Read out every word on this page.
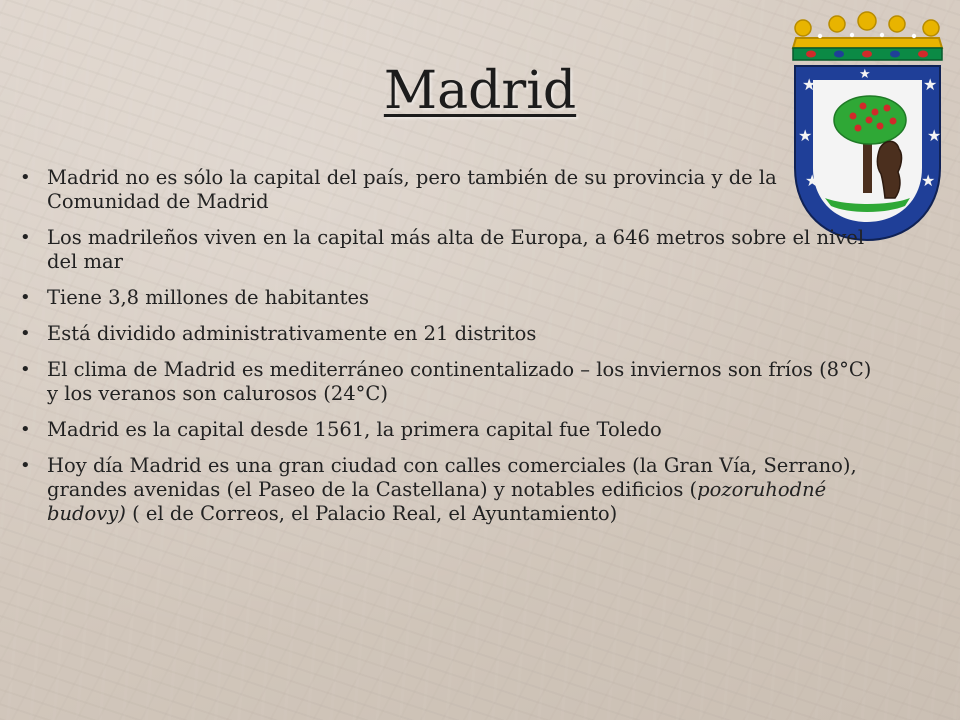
Madrid	★	★
★	★
★	★
★
• Madrid no es sólo la capital del país, pero también de su provincia y de la Comunidad de Madrid
• Los madrileños viven en la capital más alta de Europa, a 646 metros sobre el nivel del mar
• Tiene 3,8 millones de habitantes
• Está dividido administrativamente en 21 distritos
• El clima de Madrid es mediterráneo continentalizado – los inviernos son fríos (8°C) y los veranos son calurosos (24°C)
• Madrid es la capital desde 1561, la primera capital fue Toledo
• Hoy día Madrid es una gran ciudad con calles comerciales (la Gran Vía, Serrano), grandes avenidas (el Paseo de la Castellana) y notables edificios (pozoruhodné budovy) ( el de Correos, el Palacio Real, el Ayuntamiento)
